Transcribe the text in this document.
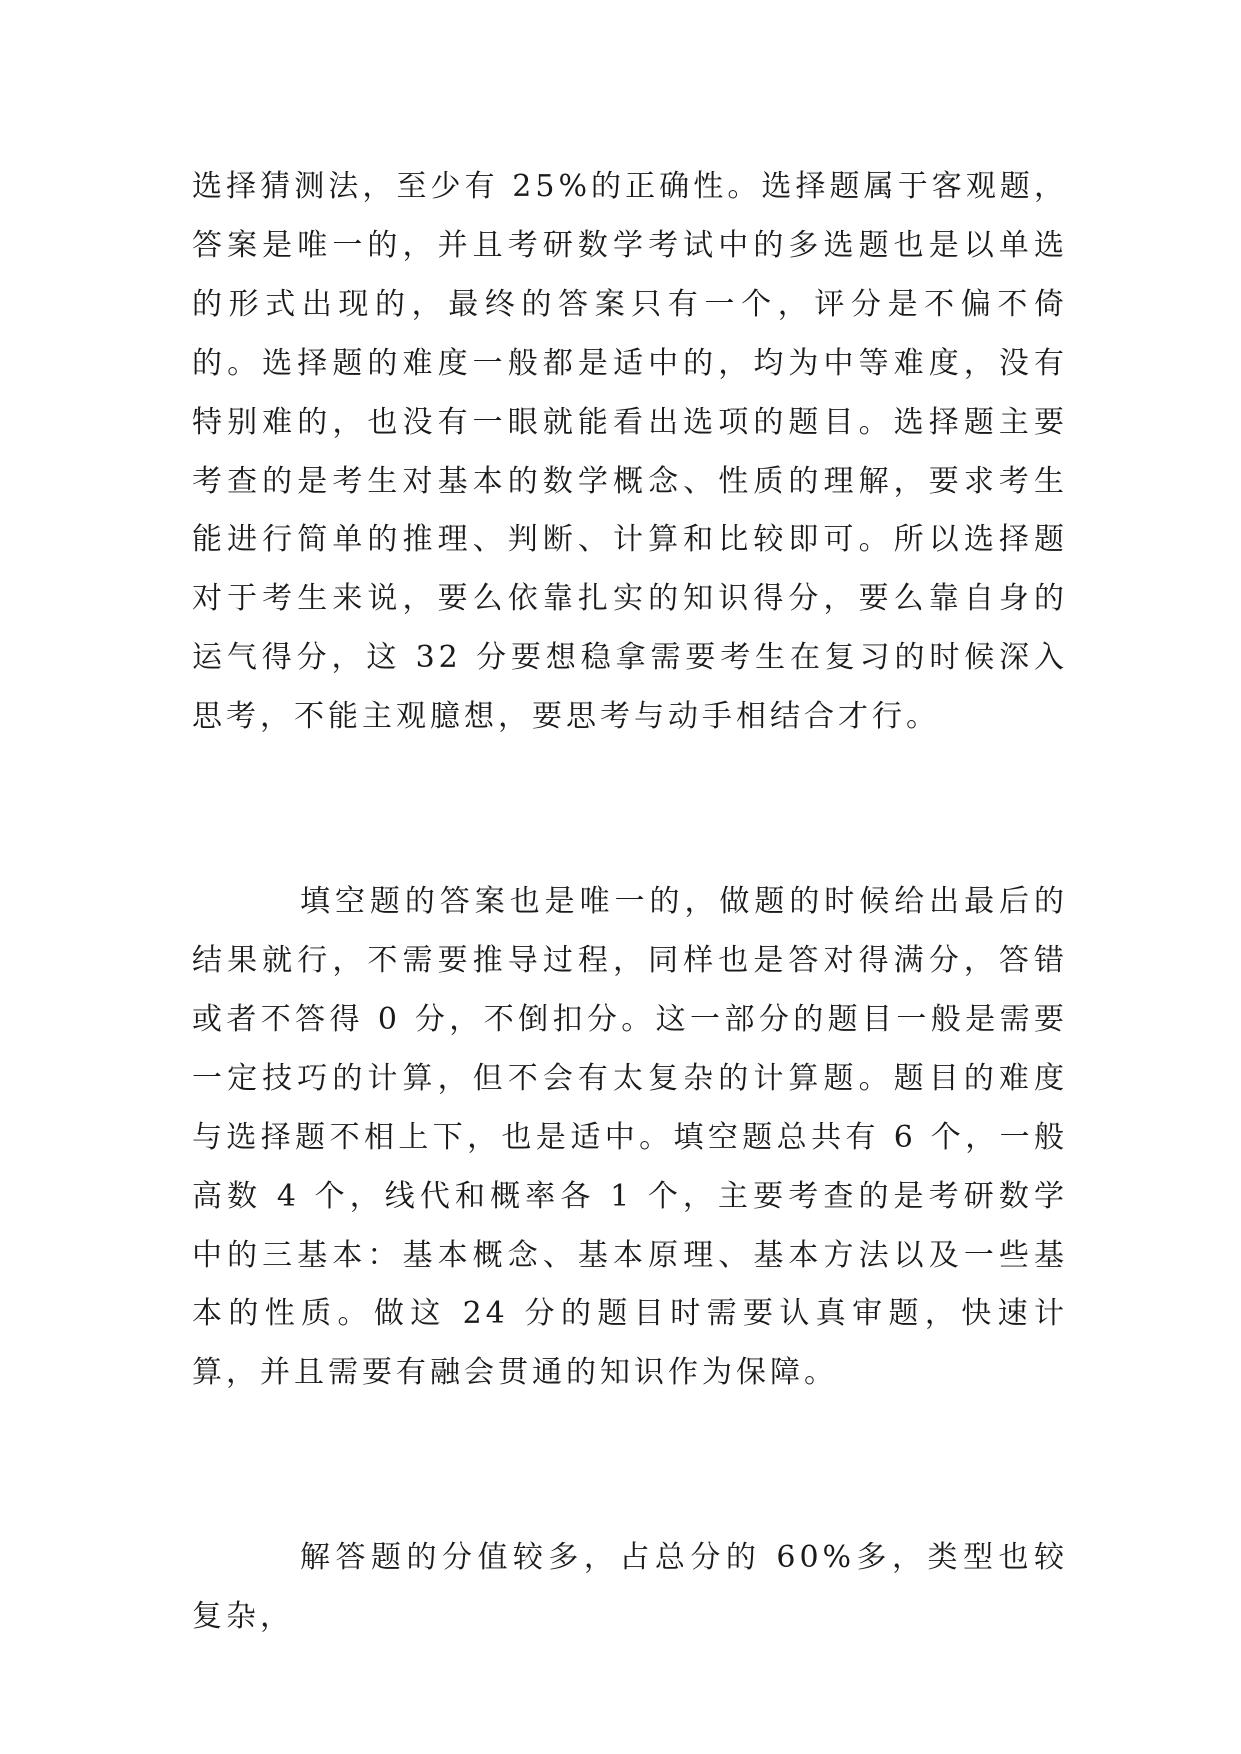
选择猜测法，至少有 25%的正确性。选择题属于客观题，答案是唯一的，并且考研数学考试中的多选题也是以单选的形式出现的，最终的答案只有一个，评分是不偏不倚的。选择题的难度一般都是适中的，均为中等难度，没有特别难的，也没有一眼就能看出选项的题目。选择题主要考查的是考生对基本的数学概念、性质的理解，要求考生能进行简单的推理、判断、计算和比较即可。所以选择题对于考生来说，要么依靠扎实的知识得分，要么靠自身的运气得分，这 32 分要想稳拿需要考生在复习的时候深入思考，不能主观臆想，要思考与动手相结合才行。

填空题的答案也是唯一的，做题的时候给出最后的结果就行，不需要推导过程，同样也是答对得满分，答错或者不答得 0 分，不倒扣分。这一部分的题目一般是需要一定技巧的计算，但不会有太复杂的计算题。题目的难度与选择题不相上下，也是适中。填空题总共有 6 个，一般高数 4 个，线代和概率各 1 个，主要考查的是考研数学中的三基本：基本概念、基本原理、基本方法以及一些基本的性质。做这 24 分的题目时需要认真审题，快速计算，并且需要有融会贯通的知识作为保障。

解答题的分值较多，占总分的 60%多，类型也较复杂，
